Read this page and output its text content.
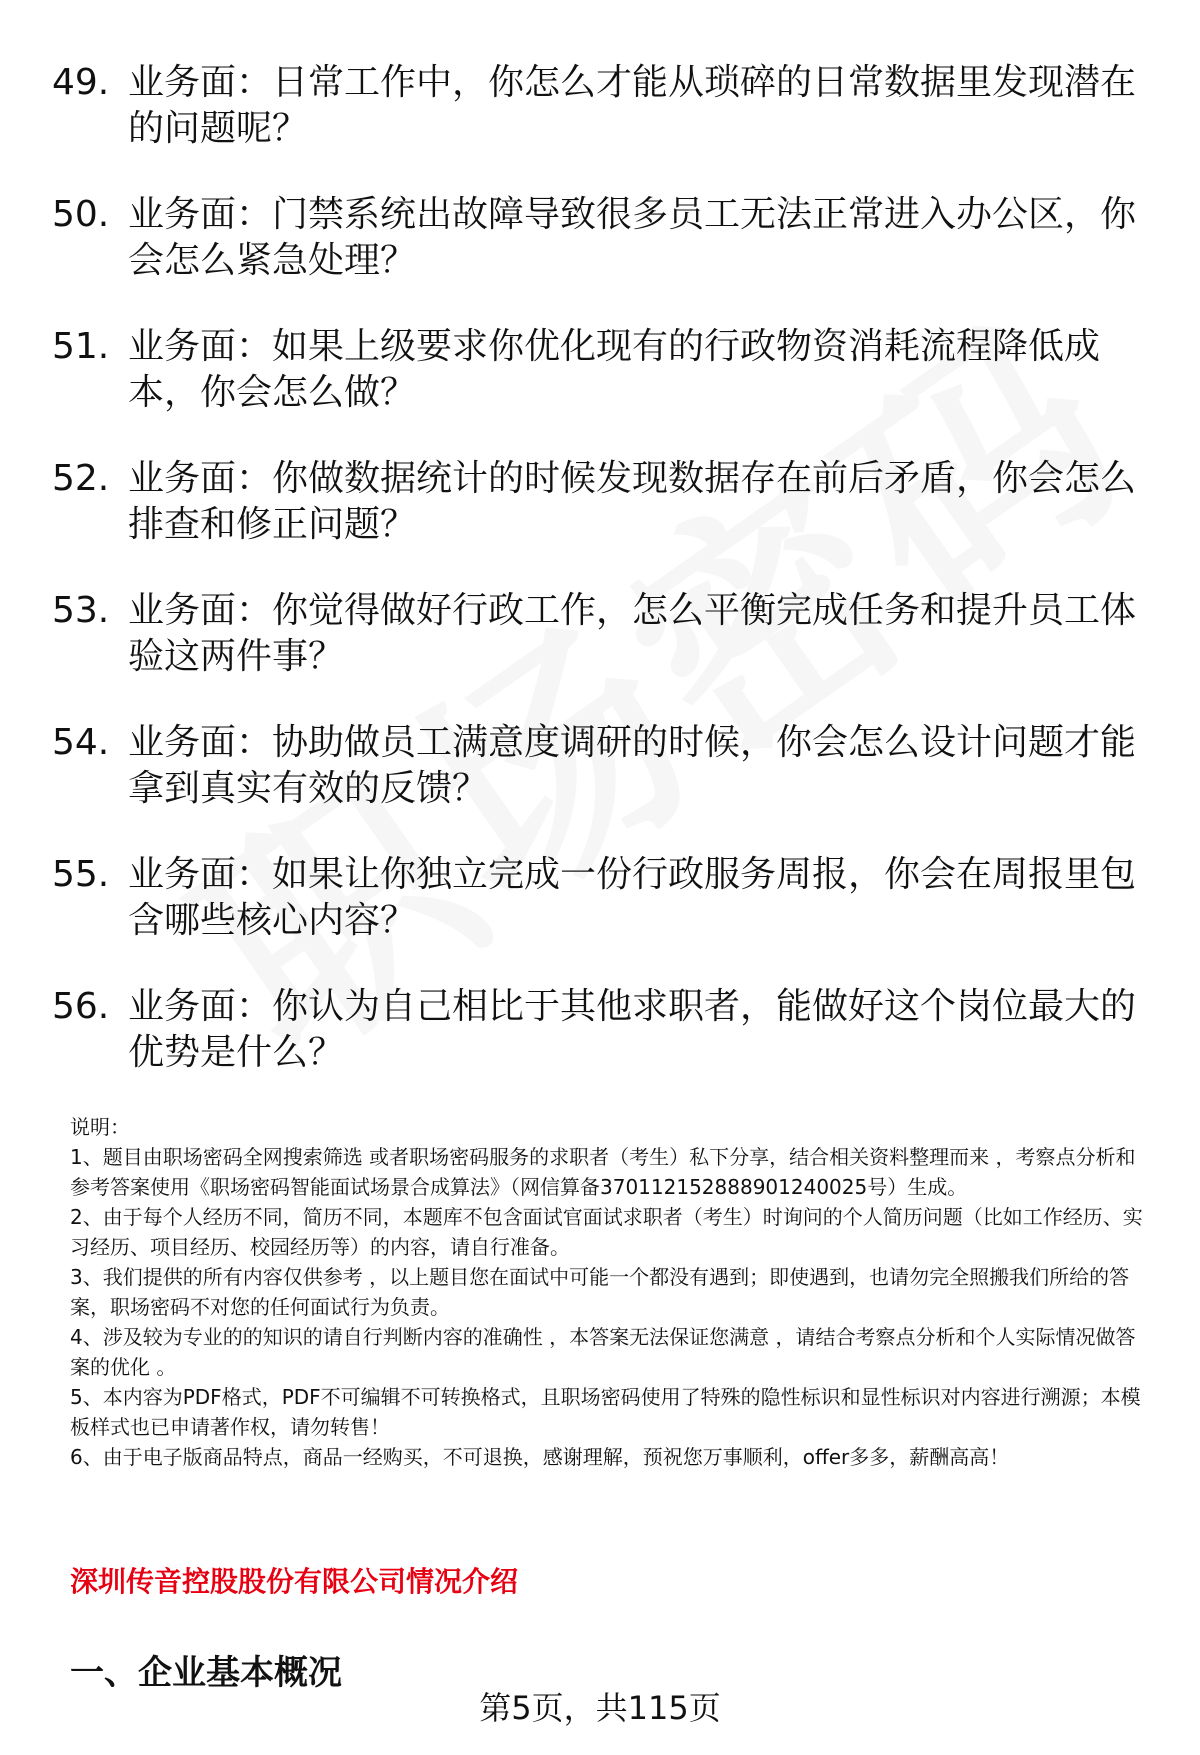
49. 业务面：日常工作中，你怎么才能从琐碎的日常数据里发现潜在的问题呢？
50. 业务面：门禁系统出故障导致很多员工无法正常进入办公区，你会怎么紧急处理？
51. 业务面：如果上级要求你优化现有的行政物资消耗流程降低成本，你会怎么做？
52. 业务面：你做数据统计的时候发现数据存在前后矛盾，你会怎么排查和修正问题？
53. 业务面：你觉得做好行政工作，怎么平衡完成任务和提升员工体验这两件事？
54. 业务面：协助做员工满意度调研的时候，你会怎么设计问题才能拿到真实有效的反馈？
55. 业务面：如果让你独立完成一份行政服务周报，你会在周报里包含哪些核心内容？
56. 业务面：你认为自己相比于其他求职者，能做好这个岗位最大的优势是什么？

说明：

1、题目由职场密码全网搜索筛选 或者职场密码服务的求职者（考生）私下分享，结合相关资料整理而来 ，考察点分析和参考答案使用《职场密码智能面试场景合成算法》（网信算备370112152888901240025号）生成。

2、由于每个人经历不同，简历不同，本题库不包含面试官面试求职者（考生）时询问的个人简历问题（比如工作经历、实习经历、项目经历、校园经历等）的内容，请自行准备。

3、我们提供的所有内容仅供参考 ，以上题目您在面试中可能一个都没有遇到；即使遇到，也请勿完全照搬我们所给的答案，职场密码不对您的任何面试行为负责。

4、涉及较为专业的的知识的请自行判断内容的准确性 ，本答案无法保证您满意 ，请结合考察点分析和个人实际情况做答案的优化 。

5、本内容为PDF格式，PDF不可编辑不可转换格式，且职场密码使用了特殊的隐性标识和显性标识对内容进行溯源；本模板样式也已申请著作权，请勿转售！

6、由于电子版商品特点，商品一经购买，不可退换，感谢理解，预祝您万事顺利，offer多多，薪酬高高！

深圳传音控股股份有限公司情况介绍
一、企业基本概况
第5页，共115页
